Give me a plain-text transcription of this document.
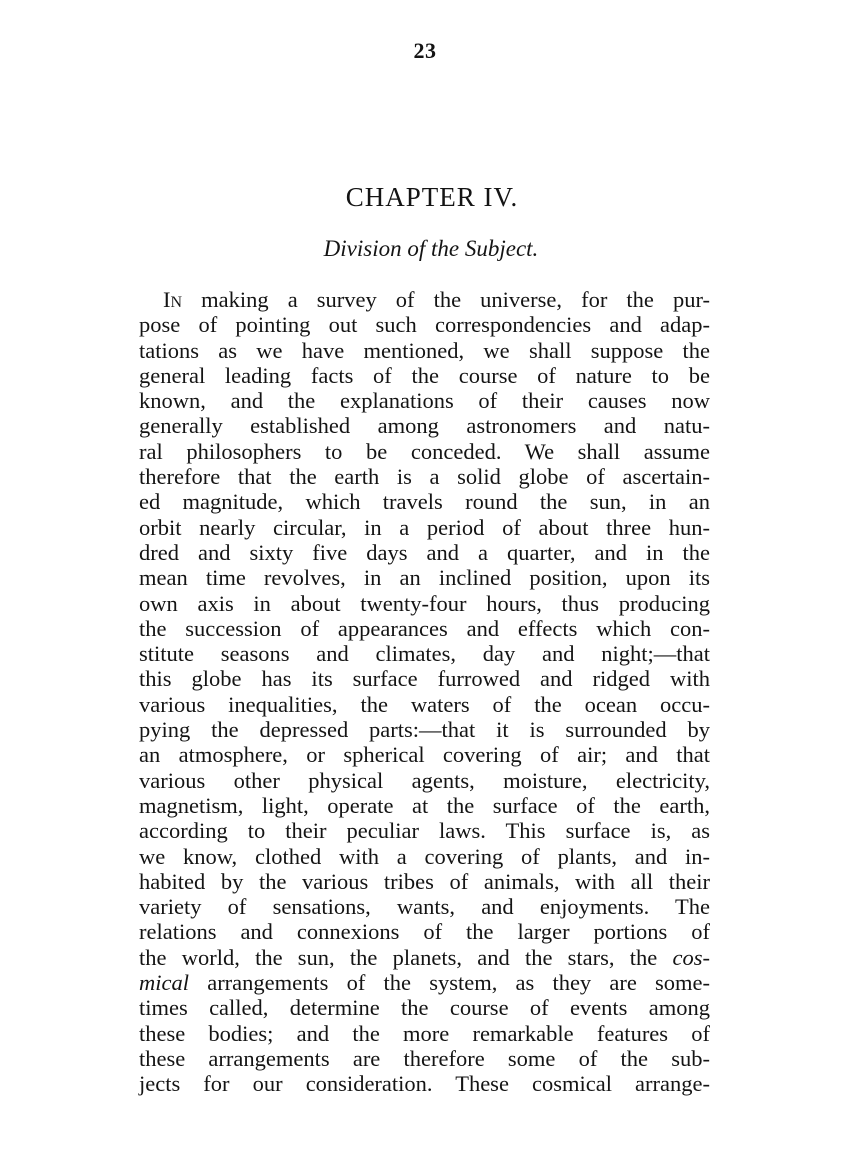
23
CHAPTER IV.
Division of the Subject.
In making a survey of the universe, for the pur-
pose of pointing out such correspondencies and adap-
tations as we have mentioned, we shall suppose the
general leading facts of the course of nature to be
known, and the explanations of their causes now
generally established among astronomers and natu-
ral philosophers to be conceded. We shall assume
therefore that the earth is a solid globe of ascertain-
ed magnitude, which travels round the sun, in an
orbit nearly circular, in a period of about three hun-
dred and sixty five days and a quarter, and in the
mean time revolves, in an inclined position, upon its
own axis in about twenty-four hours, thus producing
the succession of appearances and effects which con-
stitute seasons and climates, day and night;—that
this globe has its surface furrowed and ridged with
various inequalities, the waters of the ocean occu-
pying the depressed parts:—that it is surrounded by
an atmosphere, or spherical covering of air; and that
various other physical agents, moisture, electricity,
magnetism, light, operate at the surface of the earth,
according to their peculiar laws. This surface is, as
we know, clothed with a covering of plants, and in-
habited by the various tribes of animals, with all their
variety of sensations, wants, and enjoyments. The
relations and connexions of the larger portions of
the world, the sun, the planets, and the stars, the cos-
mical arrangements of the system, as they are some-
times called, determine the course of events among
these bodies; and the more remarkable features of
these arrangements are therefore some of the sub-
jects for our consideration. These cosmical arrange-
